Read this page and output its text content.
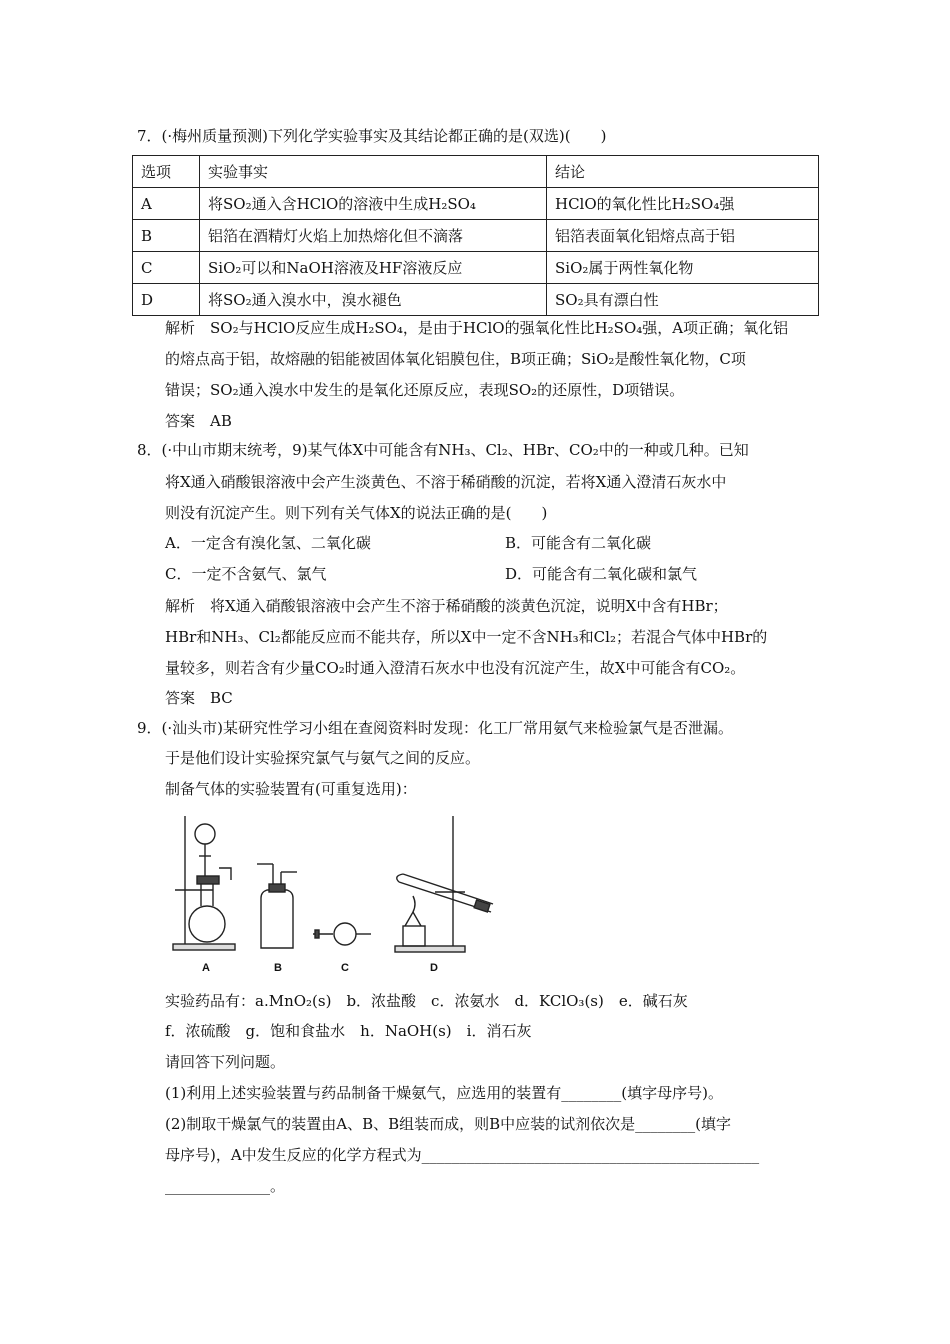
7．(·梅州质量预测)下列化学实验事实及其结论都正确的是(双选)(　　)
选项	实验事实	结论
A	将SO₂通入含HClO的溶液中生成H₂SO₄	HClO的氧化性比H₂SO₄强
B	铝箔在酒精灯火焰上加热熔化但不滴落	铝箔表面氧化铝熔点高于铝
C	SiO₂可以和NaOH溶液及HF溶液反应	SiO₂属于两性氧化物
D	将SO₂通入溴水中，溴水褪色	SO₂具有漂白性
解析　SO₂与HClO反应生成H₂SO₄，是由于HClO的强氧化性比H₂SO₄强，A项正确；氧化铝
的熔点高于铝，故熔融的铝能被固体氧化铝膜包住，B项正确；SiO₂是酸性氧化物，C项
错误；SO₂通入溴水中发生的是氧化还原反应，表现SO₂的还原性，D项错误。
答案　AB
8．(·中山市期末统考，9)某气体X中可能含有NH₃、Cl₂、HBr、CO₂中的一种或几种。已知
将X通入硝酸银溶液中会产生淡黄色、不溶于稀硝酸的沉淀，若将X通入澄清石灰水中
则没有沉淀产生。则下列有关气体X的说法正确的是(　　)
A．一定含有溴化氢、二氧化碳	B．可能含有二氧化碳
C．一定不含氨气、氯气	D．可能含有二氧化碳和氯气
解析　将X通入硝酸银溶液中会产生不溶于稀硝酸的淡黄色沉淀，说明X中含有HBr；
HBr和NH₃、Cl₂都能反应而不能共存，所以X中一定不含NH₃和Cl₂；若混合气体中HBr的
量较多，则若含有少量CO₂时通入澄清石灰水中也没有沉淀产生，故X中可能含有CO₂。
答案　BC
9．(·汕头市)某研究性学习小组在查阅资料时发现：化工厂常用氨气来检验氯气是否泄漏。
于是他们设计实验探究氯气与氨气之间的反应。
制备气体的实验装置有(可重复选用)：
A	B	C	D
实验药品有：a.MnO₂(s)　b．浓盐酸　c．浓氨水　d．KClO₃(s)　e．碱石灰
f．浓硫酸　g．饱和食盐水　h．NaOH(s)　i．消石灰
请回答下列问题。
(1)利用上述实验装置与药品制备干燥氨气，应选用的装置有________(填字母序号)。
(2)制取干燥氯气的装置由A、B、B组装而成，则B中应装的试剂依次是________(填字
母序号)，A中发生反应的化学方程式为_____________________________________________
______________。
